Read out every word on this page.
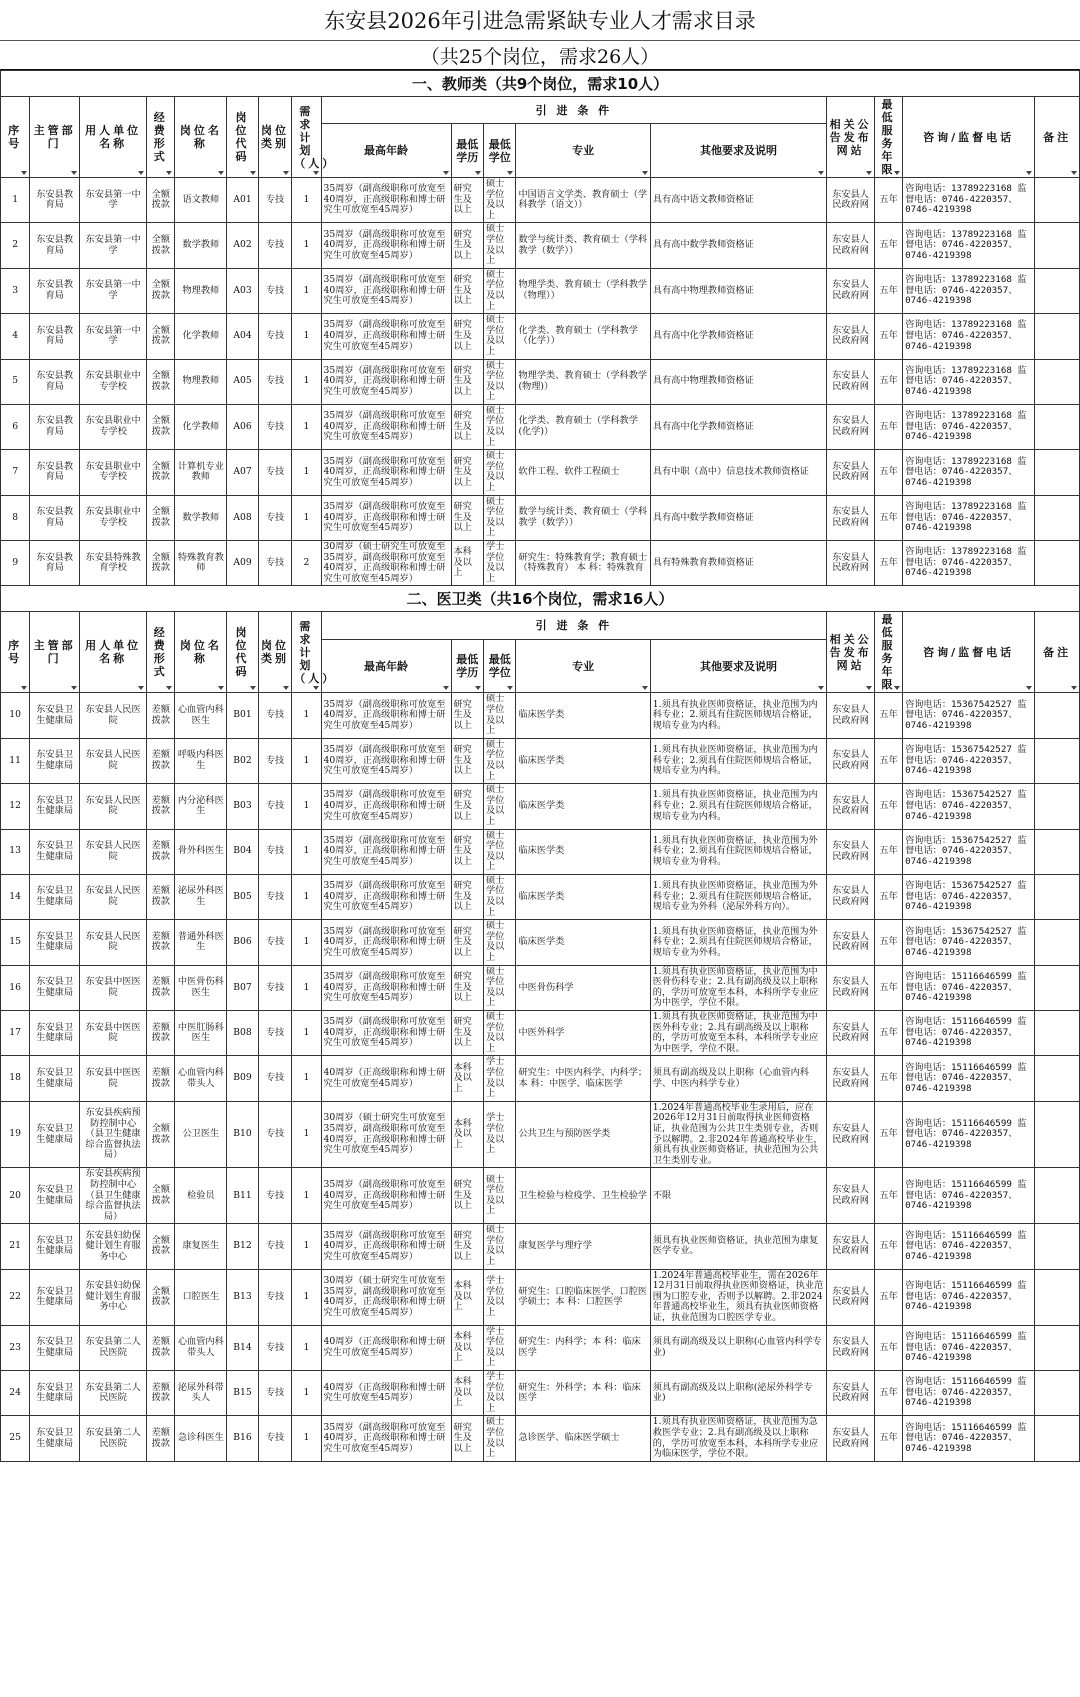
东安县2026年引进急需紧缺专业人才需求目录
（共25个岗位，需求26人）
一、教师类（共9个岗位，需求10人）																
序号	主管部门	用人单位名称	经费形式	岗位名称	岗位代码	岗位类别	需求计划（人）	引 进 条 件					相关公告发布网站	最低服务年限	咨询/监督电话	备注
								最高年龄	最低学历	最低学位	专业	其他要求及说明				
1	东安县教育局	东安县第一中学	全额拨款	语文教师	A01	专技	1	35周岁（副高级职称可放宽至40周岁，正高级职称和博士研究生可放宽至45周岁）	研究生及以上	硕士学位及以上	中国语言文学类、教育硕士（学科教学（语文））	具有高中语文教师资格证	东安县人民政府网	五年	咨询电话：13789223168 监督电话：0746-4220357、0746-4219398	
2	东安县教育局	东安县第一中学	全额拨款	数学教师	A02	专技	1	35周岁（副高级职称可放宽至40周岁，正高级职称和博士研究生可放宽至45周岁）	研究生及以上	硕士学位及以上	数学与统计类、教育硕士（学科教学（数学））	具有高中数学教师资格证	东安县人民政府网	五年	咨询电话：13789223168 监督电话：0746-4220357、0746-4219398	
3	东安县教育局	东安县第一中学	全额拨款	物理教师	A03	专技	1	35周岁（副高级职称可放宽至40周岁，正高级职称和博士研究生可放宽至45周岁）	研究生及以上	硕士学位及以上	物理学类、教育硕士（学科教学（物理））	具有高中物理教师资格证	东安县人民政府网	五年	咨询电话：13789223168 监督电话：0746-4220357、0746-4219398	
4	东安县教育局	东安县第一中学	全额拨款	化学教师	A04	专技	1	35周岁（副高级职称可放宽至40周岁，正高级职称和博士研究生可放宽至45周岁）	研究生及以上	硕士学位及以上	化学类、教育硕士（学科教学（化学））	具有高中化学教师资格证	东安县人民政府网	五年	咨询电话：13789223168 监督电话：0746-4220357、0746-4219398	
5	东安县教育局	东安县职业中专学校	全额拨款	物理教师	A05	专技	1	35周岁（副高级职称可放宽至40周岁，正高级职称和博士研究生可放宽至45周岁）	研究生及以上	硕士学位及以上	物理学类、教育硕士（学科教学(物理)）	具有高中物理教师资格证	东安县人民政府网	五年	咨询电话：13789223168 监督电话：0746-4220357、0746-4219398	
6	东安县教育局	东安县职业中专学校	全额拨款	化学教师	A06	专技	1	35周岁（副高级职称可放宽至40周岁，正高级职称和博士研究生可放宽至45周岁）	研究生及以上	硕士学位及以上	化学类、教育硕士（学科教学(化学)）	具有高中化学教师资格证	东安县人民政府网	五年	咨询电话：13789223168 监督电话：0746-4220357、0746-4219398	
7	东安县教育局	东安县职业中专学校	全额拨款	计算机专业教师	A07	专技	1	35周岁（副高级职称可放宽至40周岁，正高级职称和博士研究生可放宽至45周岁）	研究生及以上	硕士学位及以上	软件工程、软件工程硕士	具有中职（高中）信息技术教师资格证	东安县人民政府网	五年	咨询电话：13789223168 监督电话：0746-4220357、0746-4219398	
8	东安县教育局	东安县职业中专学校	全额拨款	数学教师	A08	专技	1	35周岁（副高级职称可放宽至40周岁，正高级职称和博士研究生可放宽至45周岁）	研究生及以上	硕士学位及以上	数学与统计类、教育硕士（学科教学（数学））	具有高中数学教师资格证	东安县人民政府网	五年	咨询电话：13789223168 监督电话：0746-4220357、0746-4219398	
9	东安县教育局	东安县特殊教育学校	全额拨款	特殊教育教师	A09	专技	2	30周岁（硕士研究生可放宽至35周岁，副高级职称可放宽至40周岁，正高级职称和博士研究生可放宽至45周岁）	本科及以上	学士学位及以上	研究生：特殊教育学；教育硕士（特殊教育） 本 科：特殊教育	具有特殊教育教师资格证	东安县人民政府网	五年	咨询电话：13789223168 监督电话：0746-4220357、0746-4219398	
二、医卫类（共16个岗位，需求16人）																
序号	主管部门	用人单位名称	经费形式	岗位名称	岗位代码	岗位类别	需求计划（人）	引 进 条 件					相关公告发布网站	最低服务年限	咨询/监督电话	备注
								最高年龄	最低学历	最低学位	专业	其他要求及说明				
10	东安县卫生健康局	东安县人民医院	差额拨款	心血管内科医生	B01	专技	1	35周岁（副高级职称可放宽至40周岁，正高级职称和博士研究生可放宽至45周岁）	研究生及以上	硕士学位及以上	临床医学类	1.须具有执业医师资格证，执业范围为内科专业；2.须具有住院医师规培合格证，规培专业为内科。	东安县人民政府网	五年	咨询电话：15367542527 监督电话：0746-4220357、0746-4219398	
11	东安县卫生健康局	东安县人民医院	差额拨款	呼吸内科医生	B02	专技	1	35周岁（副高级职称可放宽至40周岁，正高级职称和博士研究生可放宽至45周岁）	研究生及以上	硕士学位及以上	临床医学类	1.须具有执业医师资格证，执业范围为内科专业；2.须具有住院医师规培合格证，规培专业为内科。	东安县人民政府网	五年	咨询电话：15367542527 监督电话：0746-4220357、0746-4219398	
12	东安县卫生健康局	东安县人民医院	差额拨款	内分泌科医生	B03	专技	1	35周岁（副高级职称可放宽至40周岁，正高级职称和博士研究生可放宽至45周岁）	研究生及以上	硕士学位及以上	临床医学类	1.须具有执业医师资格证，执业范围为内科专业；2.须具有住院医师规培合格证，规培专业为内科。	东安县人民政府网	五年	咨询电话：15367542527 监督电话：0746-4220357、0746-4219398	
13	东安县卫生健康局	东安县人民医院	差额拨款	骨外科医生	B04	专技	1	35周岁（副高级职称可放宽至40周岁，正高级职称和博士研究生可放宽至45周岁）	研究生及以上	硕士学位及以上	临床医学类	1.须具有执业医师资格证，执业范围为外科专业；2.须具有住院医师规培合格证，规培专业为骨科。	东安县人民政府网	五年	咨询电话：15367542527 监督电话：0746-4220357、0746-4219398	
14	东安县卫生健康局	东安县人民医院	差额拨款	泌尿外科医生	B05	专技	1	35周岁（副高级职称可放宽至40周岁，正高级职称和博士研究生可放宽至45周岁）	研究生及以上	硕士学位及以上	临床医学类	1.须具有执业医师资格证，执业范围为外科专业；2.须具有住院医师规培合格证，规培专业为外科（泌尿外科方向）。	东安县人民政府网	五年	咨询电话：15367542527 监督电话：0746-4220357、0746-4219398	
15	东安县卫生健康局	东安县人民医院	差额拨款	普通外科医生	B06	专技	1	35周岁（副高级职称可放宽至40周岁，正高级职称和博士研究生可放宽至45周岁）	研究生及以上	硕士学位及以上	临床医学类	1.须具有执业医师资格证，执业范围为外科专业；2.须具有住院医师规培合格证，规培专业为外科。	东安县人民政府网	五年	咨询电话：15367542527 监督电话：0746-4220357、0746-4219398	
16	东安县卫生健康局	东安县中医医院	差额拨款	中医骨伤科医生	B07	专技	1	35周岁（副高级职称可放宽至40周岁，正高级职称和博士研究生可放宽至45周岁）	研究生及以上	硕士学位及以上	中医骨伤科学	1.须具有执业医师资格证，执业范围为中医骨伤科专业；2.具有副高级及以上职称的，学历可放宽至本科，本科所学专业应为中医学，学位不限。	东安县人民政府网	五年	咨询电话：15116646599 监督电话：0746-4220357、0746-4219398	
17	东安县卫生健康局	东安县中医医院	差额拨款	中医肛肠科医生	B08	专技	1	35周岁（副高级职称可放宽至40周岁，正高级职称和博士研究生可放宽至45周岁）	研究生及以上	硕士学位及以上	中医外科学	1.须具有执业医师资格证，执业范围为中医外科专业；2.具有副高级及以上职称的，学历可放宽至本科，本科所学专业应为中医学，学位不限。	东安县人民政府网	五年	咨询电话：15116646599 监督电话：0746-4220357、0746-4219398	
18	东安县卫生健康局	东安县中医医院	差额拨款	心血管内科带头人	B09	专技	1	40周岁（正高级职称和博士研究生可放宽至45周岁）	本科及以上	学士学位及以上	研究生：中医内科学、内科学；本 科：中医学、临床医学	须具有副高级及以上职称（心血管内科学、中医内科学专业）	东安县人民政府网	五年	咨询电话：15116646599 监督电话：0746-4220357、0746-4219398	
19	东安县卫生健康局	东安县疾病预防控制中心（县卫生健康综合监督执法局）	全额拨款	公卫医生	B10	专技	1	30周岁（硕士研究生可放宽至35周岁，副高级职称可放宽至40周岁，正高级职称和博士研究生可放宽至45周岁）	本科及以上	学士学位及以上	公共卫生与预防医学类	1.2024年普通高校毕业生录用后，应在2026年12月31日前取得执业医师资格证，执业范围为公共卫生类别专业，否则予以解聘。2.非2024年普通高校毕业生，须具有执业医师资格证，执业范围为公共卫生类别专业。	东安县人民政府网	五年	咨询电话：15116646599 监督电话：0746-4220357、0746-4219398	
20	东安县卫生健康局	东安县疾病预防控制中心（县卫生健康综合监督执法局）	全额拨款	检验员	B11	专技	1	35周岁（副高级职称可放宽至40周岁，正高级职称和博士研究生可放宽至45周岁）	研究生及以上	硕士学位及以上	卫生检验与检疫学、卫生检验学	不限	东安县人民政府网	五年	咨询电话：15116646599 监督电话：0746-4220357、0746-4219398	
21	东安县卫生健康局	东安县妇幼保健计划生育服务中心	全额拨款	康复医生	B12	专技	1	35周岁（副高级职称可放宽至40周岁，正高级职称和博士研究生可放宽至45周岁）	研究生及以上	硕士学位及以上	康复医学与理疗学	须具有执业医师资格证，执业范围为康复医学专业。	东安县人民政府网	五年	咨询电话：15116646599 监督电话：0746-4220357、0746-4219398	
22	东安县卫生健康局	东安县妇幼保健计划生育服务中心	全额拨款	口腔医生	B13	专技	1	30周岁（硕士研究生可放宽至35周岁，副高级职称可放宽至40周岁，正高级职称和博士研究生可放宽至45周岁）	本科及以上	学士学位及以上	研究生：口腔临床医学、口腔医学硕士；本 科：口腔医学	1.2024年普通高校毕业生，需在2026年12月31日前取得执业医师资格证，执业范围为口腔专业，否则予以解聘。2.非2024年普通高校毕业生，须具有执业医师资格证，执业范围为口腔医学专业。	东安县人民政府网	五年	咨询电话：15116646599 监督电话：0746-4220357、0746-4219398	
23	东安县卫生健康局	东安县第二人民医院	差额拨款	心血管内科带头人	B14	专技	1	40周岁（正高级职称和博士研究生可放宽至45周岁）	本科及以上	学士学位及以上	研究生：内科学；本 科：临床医学	须具有副高级及以上职称(心血管内科学专业)	东安县人民政府网	五年	咨询电话：15116646599 监督电话：0746-4220357、0746-4219398	
24	东安县卫生健康局	东安县第二人民医院	差额拨款	泌尿外科带头人	B15	专技	1	40周岁（正高级职称和博士研究生可放宽至45周岁）	本科及以上	学士学位及以上	研究生：外科学；本 科：临床医学	须具有副高级及以上职称(泌尿外科学专业)	东安县人民政府网	五年	咨询电话：15116646599 监督电话：0746-4220357、0746-4219398	
25	东安县卫生健康局	东安县第二人民医院	差额拨款	急诊科医生	B16	专技	1	35周岁（副高级职称可放宽至40周岁，正高级职称和博士研究生可放宽至45周岁）	研究生及以上	硕士学位及以上	急诊医学、临床医学硕士	1.须具有执业医师资格证，执业范围为急救医学专业；2.具有副高级及以上职称的，学历可放宽至本科，本科所学专业应为临床医学，学位不限。	东安县人民政府网	五年	咨询电话：15116646599 监督电话：0746-4220357、0746-4219398	
